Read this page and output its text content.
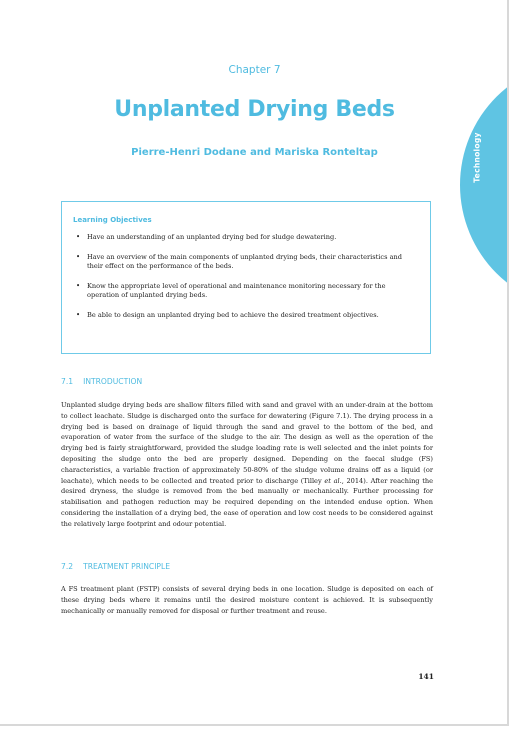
Technology
Chapter 7
Unplanted Drying Beds
Pierre-Henri Dodane and Mariska Ronteltap
Learning Objectives
• Have an understanding of an unplanted drying bed for sludge dewatering.
• Have an overview of the main components of unplanted drying beds, their characteristics and their effect on the performance of the beds.
• Know the appropriate level of operational and maintenance monitoring necessary for the operation of unplanted drying beds.
• Be able to design an unplanted drying bed to achieve the desired treatment objectives.
7.1 INTRODUCTION
Unplanted sludge drying beds are shallow filters filled with sand and gravel with an under-drain at the bottom to collect leachate. Sludge is discharged onto the surface for dewatering (Figure 7.1). The drying process in a drying bed is based on drainage of liquid through the sand and gravel to the bottom of the bed, and evaporation of water from the surface of the sludge to the air. The design as well as the operation of the drying bed is fairly straightforward, provided the sludge loading rate is well selected and the inlet points for depositing the sludge onto the bed are properly designed. Depending on the faecal sludge (FS) characteristics, a variable fraction of approximately 50-80% of the sludge volume drains off as a liquid (or leachate), which needs to be collected and treated prior to discharge (Tilley et al., 2014). After reaching the desired dryness, the sludge is removed from the bed manually or mechanically. Further processing for stabilisation and pathogen reduction may be required depending on the intended enduse option. When considering the installation of a drying bed, the ease of operation and low cost needs to be considered against the relatively large footprint and odour potential.
7.2 TREATMENT PRINCIPLE
A FS treatment plant (FSTP) consists of several drying beds in one location. Sludge is deposited on each of these drying beds where it remains until the desired moisture content is achieved. It is subsequently mechanically or manually removed for disposal or further treatment and reuse.
141
